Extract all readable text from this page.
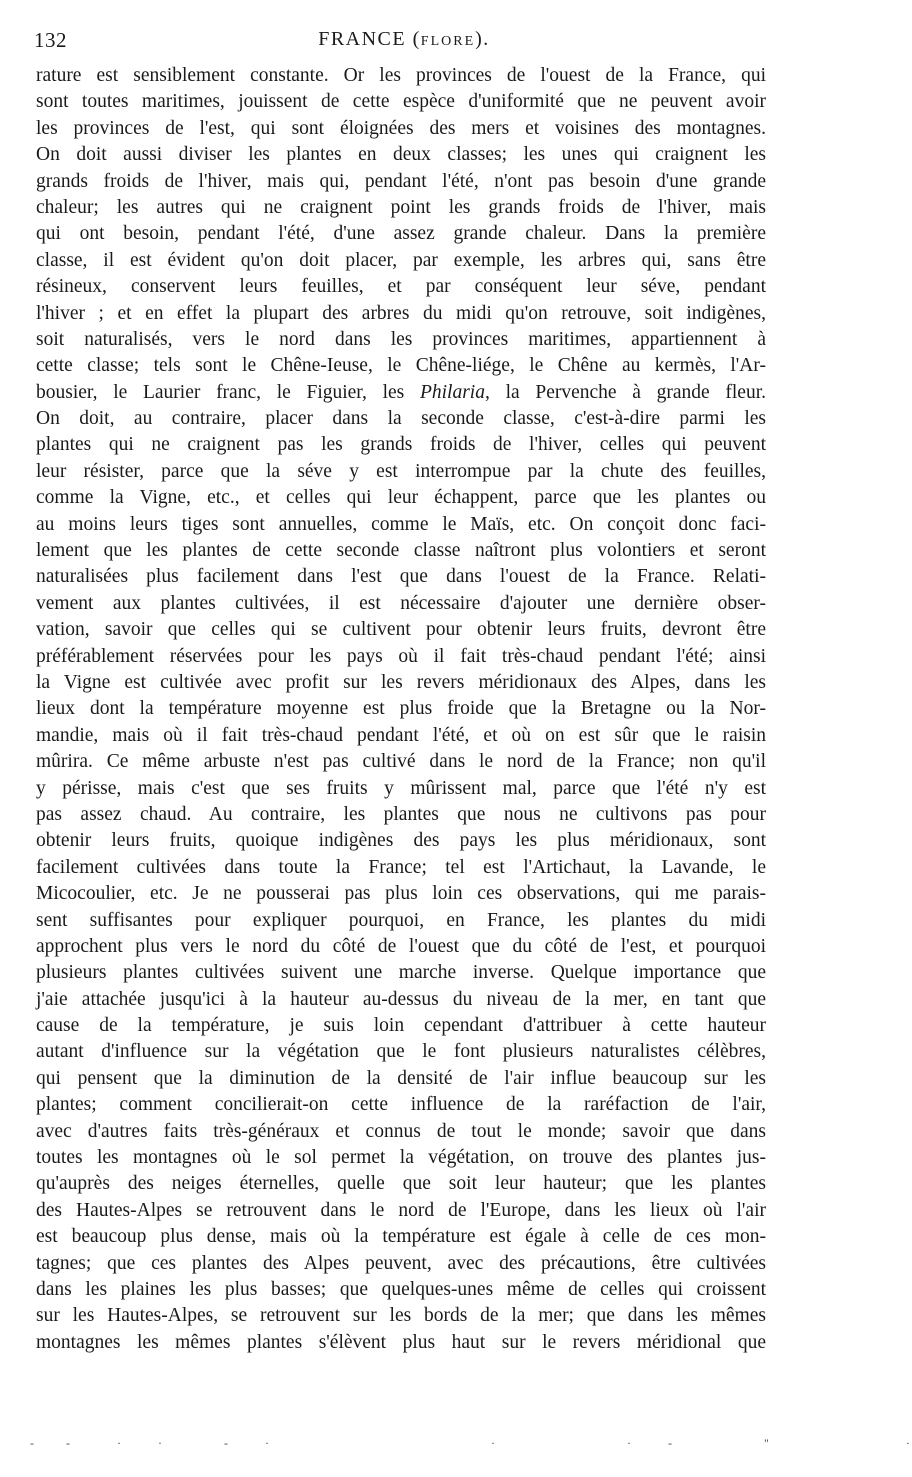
132	FRANCE (FLORE).
rature est sensiblement constante. Or les provinces de l'ouest de la France, qui
sont toutes maritimes, jouissent de cette espèce d'uniformité que ne peuvent avoir
les provinces de l'est, qui sont éloignées des mers et voisines des montagnes.
On doit aussi diviser les plantes en deux classes; les unes qui craignent les
grands froids de l'hiver, mais qui, pendant l'été, n'ont pas besoin d'une grande
chaleur; les autres qui ne craignent point les grands froids de l'hiver, mais
qui ont besoin, pendant l'été, d'une assez grande chaleur. Dans la première
classe, il est évident qu'on doit placer, par exemple, les arbres qui, sans être
résineux, conservent leurs feuilles, et par conséquent leur séve, pendant
l'hiver ; et en effet la plupart des arbres du midi qu'on retrouve, soit indigènes,
soit naturalisés, vers le nord dans les provinces maritimes, appartiennent à
cette classe; tels sont le Chêne-Ieuse, le Chêne-liége, le Chêne au kermès, l'Ar-
bousier, le Laurier franc, le Figuier, les Philaria, la Pervenche à grande fleur.
On doit, au contraire, placer dans la seconde classe, c'est-à-dire parmi les
plantes qui ne craignent pas les grands froids de l'hiver, celles qui peuvent
leur résister, parce que la séve y est interrompue par la chute des feuilles,
comme la Vigne, etc., et celles qui leur échappent, parce que les plantes ou
au moins leurs tiges sont annuelles, comme le Maïs, etc. On conçoit donc faci-
lement que les plantes de cette seconde classe naîtront plus volontiers et seront
naturalisées plus facilement dans l'est que dans l'ouest de la France. Relati-
vement aux plantes cultivées, il est nécessaire d'ajouter une dernière obser-
vation, savoir que celles qui se cultivent pour obtenir leurs fruits, devront être
préférablement réservées pour les pays où il fait très-chaud pendant l'été; ainsi
la Vigne est cultivée avec profit sur les revers méridionaux des Alpes, dans les
lieux dont la température moyenne est plus froide que la Bretagne ou la Nor-
mandie, mais où il fait très-chaud pendant l'été, et où on est sûr que le raisin
mûrira. Ce même arbuste n'est pas cultivé dans le nord de la France; non qu'il
y périsse, mais c'est que ses fruits y mûrissent mal, parce que l'été n'y est
pas assez chaud. Au contraire, les plantes que nous ne cultivons pas pour
obtenir leurs fruits, quoique indigènes des pays les plus méridionaux, sont
facilement cultivées dans toute la France; tel est l'Artichaut, la Lavande, le
Micocoulier, etc. Je ne pousserai pas plus loin ces observations, qui me parais-
sent suffisantes pour expliquer pourquoi, en France, les plantes du midi
approchent plus vers le nord du côté de l'ouest que du côté de l'est, et pourquoi
plusieurs plantes cultivées suivent une marche inverse. Quelque importance que
j'aie attachée jusqu'ici à la hauteur au-dessus du niveau de la mer, en tant que
cause de la température, je suis loin cependant d'attribuer à cette hauteur
autant d'influence sur la végétation que le font plusieurs naturalistes célèbres,
qui pensent que la diminution de la densité de l'air influe beaucoup sur les
plantes; comment concilierait-on cette influence de la raréfaction de l'air,
avec d'autres faits très-généraux et connus de tout le monde; savoir que dans
toutes les montagnes où le sol permet la végétation, on trouve des plantes jus-
qu'auprès des neiges éternelles, quelle que soit leur hauteur; que les plantes
des Hautes-Alpes se retrouvent dans le nord de l'Europe, dans les lieux où l'air
est beaucoup plus dense, mais où la température est égale à celle de ces mon-
tagnes; que ces plantes des Alpes peuvent, avec des précautions, être cultivées
dans les plaines les plus basses; que quelques-unes même de celles qui croissent
sur les Hautes-Alpes, se retrouvent sur les bords de la mer; que dans les mêmes
montagnes les mêmes plantes s'élèvent plus haut sur le revers méridional que
-      -         ·       ·            -       ·                                            ·                          ·       -                  "                           ·
